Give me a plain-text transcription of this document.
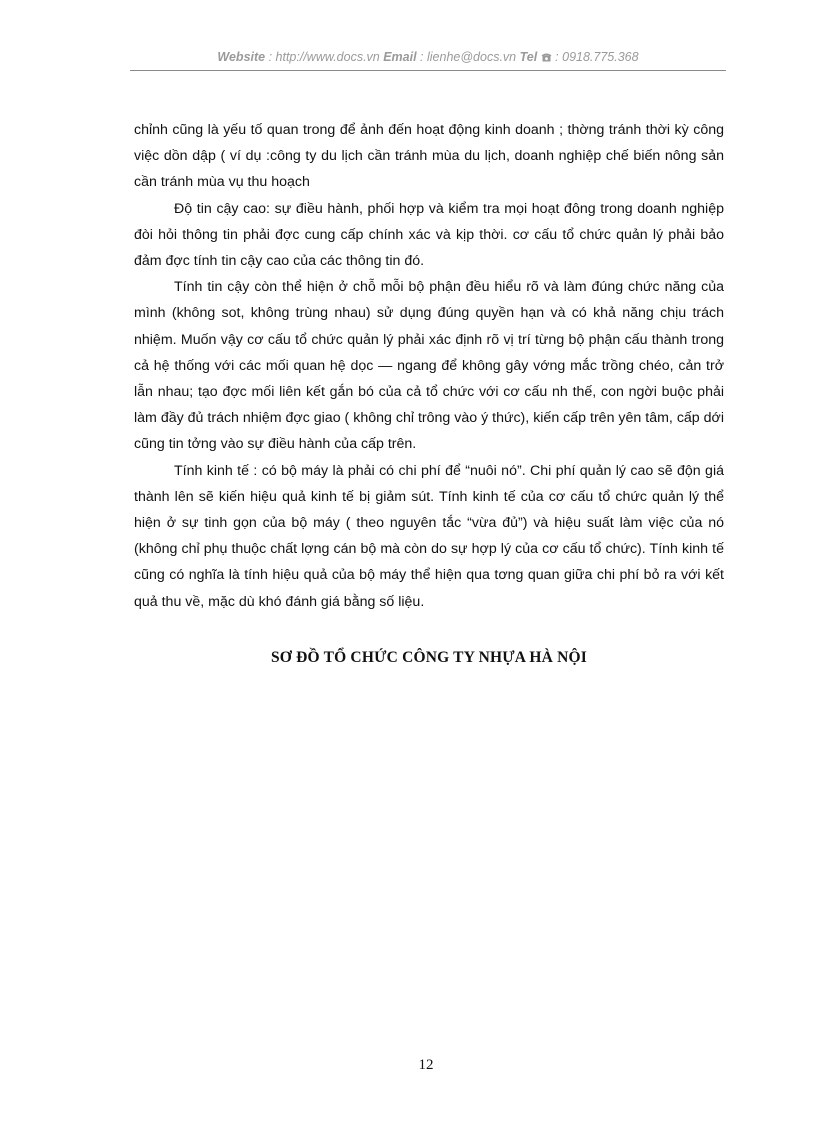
Website : http://www.docs.vn Email : lienhe@docs.vn Tel  : 0918.775.368

chỉnh cũng là yếu tố quan trong để ảnh đến hoạt động kinh doanh ; thờng tránh thời kỳ công việc dồn dập ( ví dụ :công ty du lịch cần tránh mùa du lịch, doanh nghiệp chế biến nông sản cần tránh mùa vụ thu hoạch

Độ tin cậy cao: sự điều hành, phối hợp và kiểm tra mọi hoạt đông trong doanh nghiệp đòi hỏi thông tin phải đợc cung cấp chính xác và kịp thời. cơ cấu tổ chức quản lý phải bảo đảm đợc tính tin cậy cao của các thông tin đó.

Tính tin cậy còn thể hiện ở chỗ mỗi bộ phận đều hiểu rõ và làm đúng chức năng của mình (không sot, không trùng nhau) sử dụng đúng quyền hạn và có khả năng chịu trách nhiệm. Muốn vậy cơ cấu tổ chức quản lý phải xác định rõ vị trí từng bộ phận cấu thành trong cả hệ thống với các mối quan hệ dọc — ngang để không gây vớng mắc trồng chéo, cản trở lẫn nhau; tạo đợc mối liên kết gắn bó của cả tổ chức với cơ cấu nh thế, con ngời buộc phải làm đầy đủ trách nhiệm đợc giao ( không chỉ trông vào ý thức), kiến cấp trên yên tâm, cấp dới cũng tin tởng vào sự điều hành của cấp trên.

Tính kinh tế : có bộ máy là phải có chi phí để “nuôi nó”. Chi phí quản lý cao sẽ độn giá thành lên sẽ kiến hiệu quả kinh tế bị giảm sút. Tính kinh tế của cơ cấu tổ chức quản lý thể hiện ở sự tinh gọn của bộ máy ( theo nguyên tắc “vừa đủ”) và hiệu suất làm việc của nó (không chỉ phụ thuộc chất lợng cán bộ mà còn do sự hợp lý của cơ cấu tổ chức). Tính kinh tế cũng có nghĩa là tính hiệu quả của bộ máy thể hiện qua tơng quan giữa chi phí bỏ ra với kết quả thu về, mặc dù khó đánh giá bằng số liệu.

SƠ ĐỒ TỔ CHỨC CÔNG TY NHỰA HÀ NỘI
12
